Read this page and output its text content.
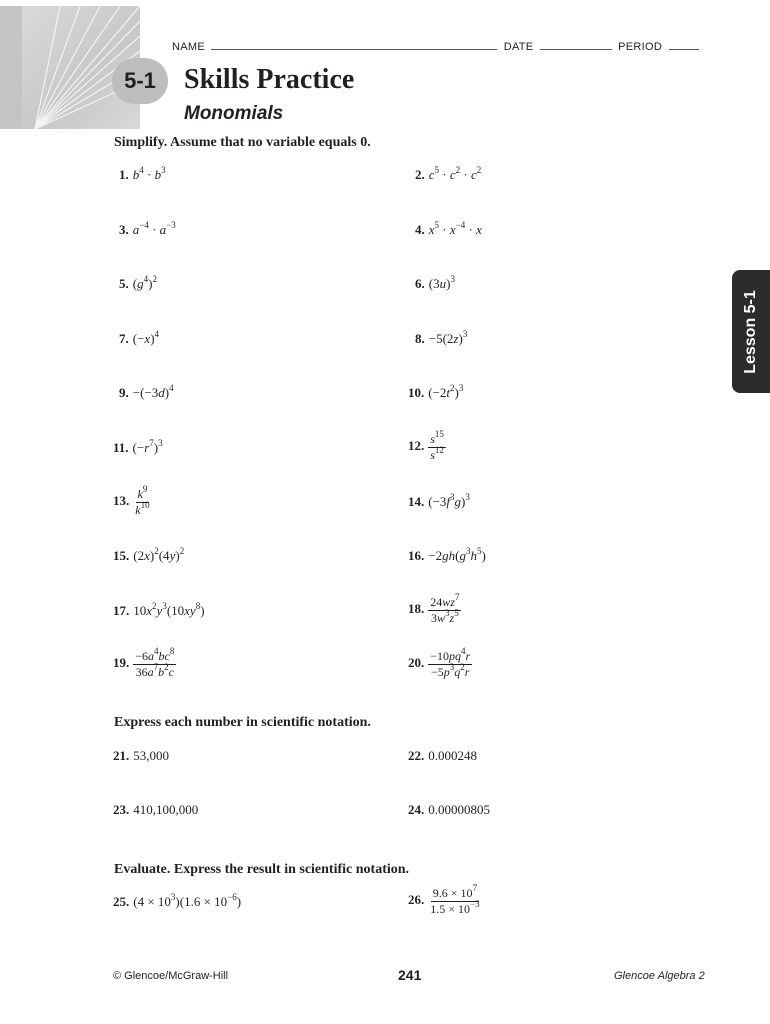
5-1
NAME	DATE	PERIOD
Skills Practice
Monomials
Simplify. Assume that no variable equals 0.
1. $b^4 \cdot b^3$	2. $c^5 \cdot c^2 \cdot c^2$
3. $a^{-4} \cdot a^{-3}$	4. $x^5 \cdot x^{-4} \cdot x$
5. $(g^4)^2$	6. $(3u)^3$
7. $(-x)^4$	8. $-5(2z)^3$
9. $-(-3d)^4$	10. $(-2t^2)^3$
11. $(-r^7)^3$	12. $\frac{s^{15}}{s^{12}}$
13. $\frac{k^9}{k^{10}}$	14. $(-3f^3g)^3$
15. $(2x)^2(4y)^2$	16. $-2gh(g^3h^5)$
17. $10x^2y^3(10xy^8)$	18. $\frac{24wz^7}{3w^3z^5}$
19. $\frac{-6a^4bc^8}{36a^7b^2c}$	20. $\frac{-10pq^4r}{-5p^3q^2r}$
Express each number in scientific notation.
21. 53,000	22. 0.000248
23. 410,100,000	24. 0.00000805
Evaluate. Express the result in scientific notation.
25. $(4 \times 10^3)(1.6 \times 10^{-6})$	26. $\frac{9.6 \times 10^7}{1.5 \times 10^{-3}}$
Lesson 5-1
© Glencoe/McGraw-Hill	241	Glencoe Algebra 2
